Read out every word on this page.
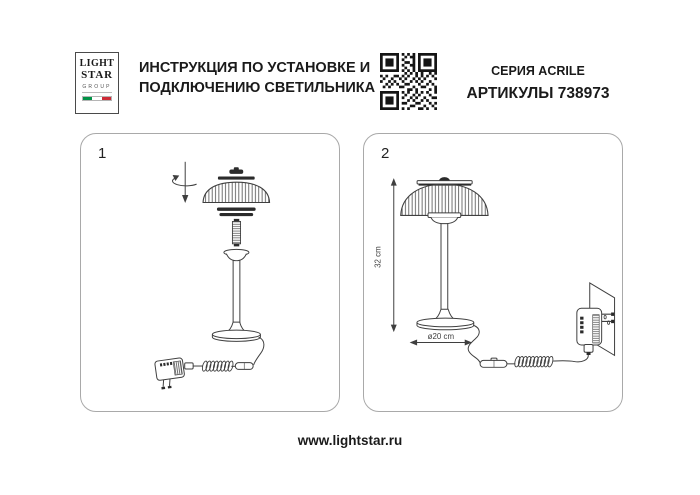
LIGHT
STAR
GROUP
ИНСТРУКЦИЯ ПО УСТАНОВКЕ И
ПОДКЛЮЧЕНИЮ СВЕТИЛЬНИКА
СЕРИЯ ACRILE
АРТИКУЛЫ 738973
1	2
32 cm
ø20 cm
www.lightstar.ru
